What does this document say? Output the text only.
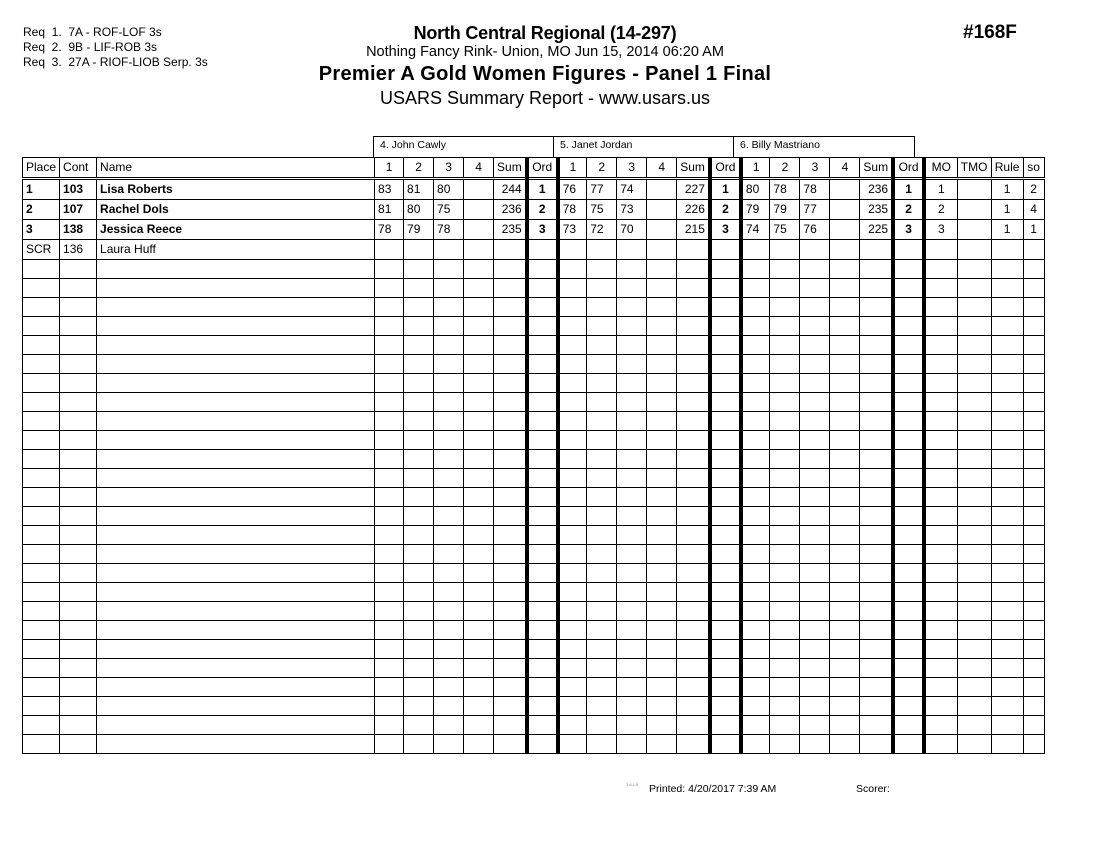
Req  1.  7A - ROF-LOF 3s
Req  2.  9B - LIF-ROB 3s
Req  3.  27A - RIOF-LIOB Serp. 3s
North Central Regional (14-297)
Nothing Fancy Rink- Union, MO Jun 15, 2014 06:20 AM
Premier A Gold Women Figures - Panel 1 Final
USARS Summary Report - www.usars.us
#168F
4. John Cawly	5. Janet Jordan	6. Billy Mastriano
Place	Cont	Name	1	2	3	4	Sum	Ord	1	2	3	4	Sum	Ord	1	2	3	4	Sum	Ord	MO	TMO	Rule	so
1	103	Lisa Roberts	83	81	80		244	1	76	77	74		227	1	80	78	78		236	1	1		1	2
2	107	Rachel Dols	81	80	75		236	2	78	75	73		226	2	79	79	77		235	2	2		1	4
3	138	Jessica Reece	78	79	78		235	3	73	72	70		215	3	74	75	76		225	3	3		1	1
SCR	136	Laura Huff																						

3.8.1.8 Printed: 4/20/2017 7:39 AM	Scorer:
